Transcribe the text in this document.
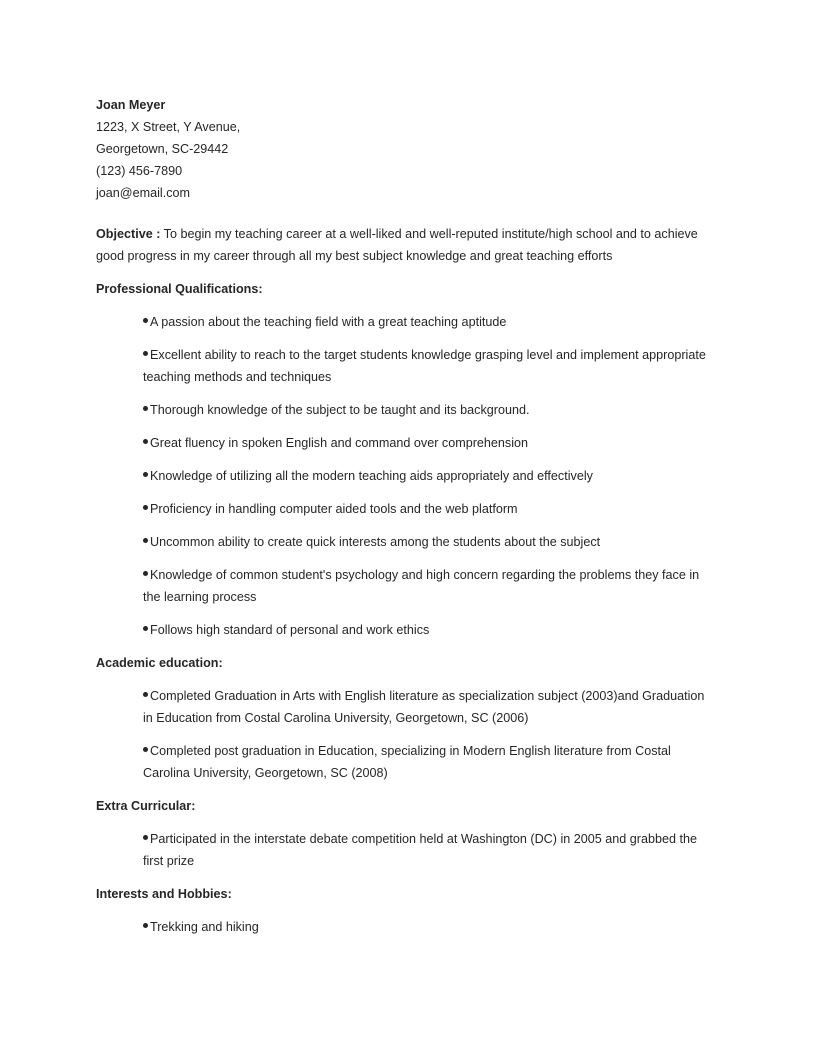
Joan Meyer
1223, X Street, Y Avenue,
Georgetown, SC-29442
(123) 456-7890
joan@email.com
Objective : To begin my teaching career at a well-liked and well-reputed institute/high school and to achieve good progress in my career through all my best subject knowledge and great teaching efforts
Professional Qualifications:
A passion about the teaching field with a great teaching aptitude
Excellent ability to reach to the target students knowledge grasping level and implement appropriate teaching methods and techniques
Thorough knowledge of the subject to be taught and its background.
Great fluency in spoken English and command over comprehension
Knowledge of utilizing all the modern teaching aids appropriately and effectively
Proficiency in handling computer aided tools and the web platform
Uncommon ability to create quick interests among the students about the subject
Knowledge of common student's psychology and high concern regarding the problems they face in the learning process
Follows high standard of personal and work ethics
Academic education:
Completed Graduation in Arts with English literature as specialization subject (2003)and Graduation in Education from Costal Carolina University, Georgetown, SC (2006)
Completed post graduation in Education, specializing in Modern English literature from Costal Carolina University, Georgetown, SC (2008)
Extra Curricular:
Participated in the interstate debate competition held at Washington (DC) in 2005 and grabbed the first prize
Interests and Hobbies:
Trekking and hiking
